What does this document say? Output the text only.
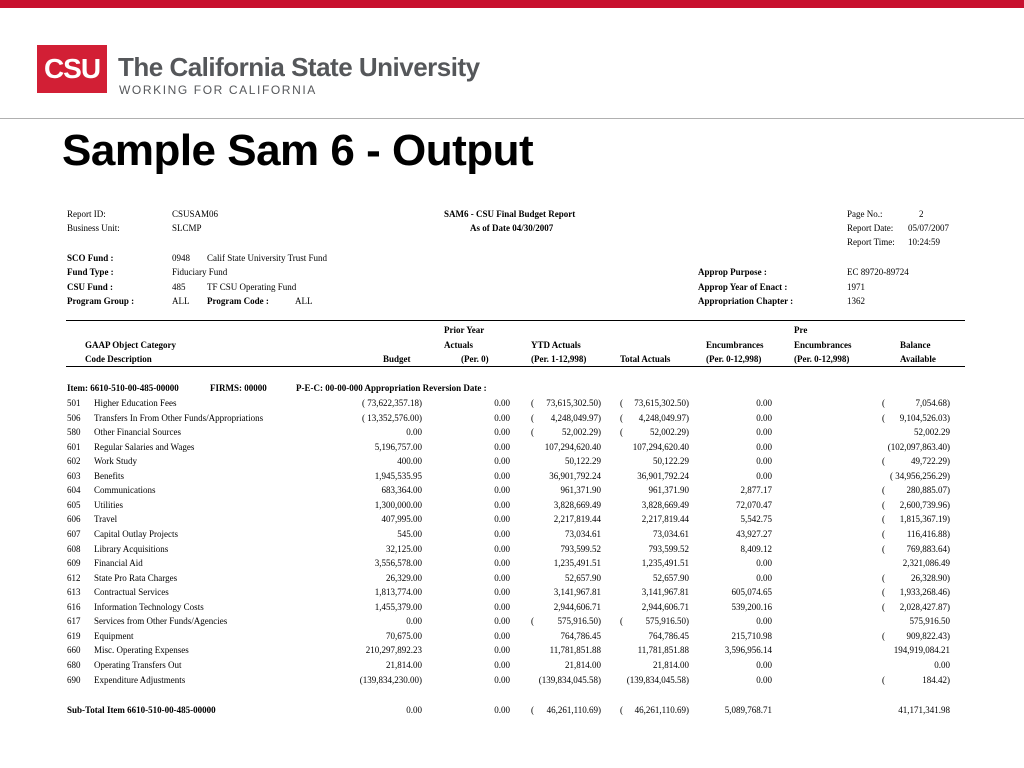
CSU The California State University
WORKING FOR CALIFORNIA
Sample Sam 6 - Output
Report ID:	CSUSAM06
Business Unit:	SLCMP
SAM6 - CSU Final Budget Report
As of Date 04/30/2007
Page No.:	2
Report Date: 05/07/2007
Report Time: 10:24:59
SCO Fund :	0948 Calif State University Trust Fund
Fund Type :	Fiduciary Fund
CSU Fund :	485 TF CSU Operating Fund
Program Group :	ALL Program Code :	ALL
Approp Purpose :	EC 89720-89724
Approp Year of Enact :	1971
Appropriation Chapter :	1362
Prior Year	Pre
GAAP Object Category	Actuals	YTD Actuals	Encumbrances	Encumbrances	Balance
Code Description	Budget	(Per. 0)	(Per. 1-12,998)	Total Actuals	(Per. 0-12,998)	(Per. 0-12,998)	Available
Item: 6610-510-00-485-00000	FIRMS: 00000	P-E-C: 00-00-000 Appropriation Reversion Date :
501 Higher Education Fees	( 73,622,357.18)	0.00 (	73,615,302.50) (	73,615,302.50)	0.00	(	7,054.68)
506 Transfers In From Other Funds/Appropriations	( 13,352,576.00)	0.00 (	4,248,049.97) (	4,248,049.97)	0.00	(	9,104,526.03)
580 Other Financial Sources	0.00	0.00 (	52,002.29) (	52,002.29)	0.00	52,002.29
601 Regular Salaries and Wages	5,196,757.00	0.00	107,294,620.40	107,294,620.40	0.00	(102,097,863.40)
602 Work Study	400.00	0.00	50,122.29	50,122.29	0.00	(	49,722.29)
603 Benefits	1,945,535.95	0.00	36,901,792.24	36,901,792.24	0.00	( 34,956,256.29)
604 Communications	683,364.00	0.00	961,371.90	961,371.90	2,877.17	(	280,885.07)
605 Utilities	1,300,000.00	0.00	3,828,669.49	3,828,669.49	72,070.47	(	2,600,739.96)
606 Travel	407,995.00	0.00	2,217,819.44	2,217,819.44	5,542.75	(	1,815,367.19)
607 Capital Outlay Projects	545.00	0.00	73,034.61	73,034.61	43,927.27	(	116,416.88)
608 Library Acquisitions	32,125.00	0.00	793,599.52	793,599.52	8,409.12	(	769,883.64)
609 Financial Aid	3,556,578.00	0.00	1,235,491.51	1,235,491.51	0.00	2,321,086.49
612 State Pro Rata Charges	26,329.00	0.00	52,657.90	52,657.90	0.00	(	26,328.90)
613 Contractual Services	1,813,774.00	0.00	3,141,967.81	3,141,967.81	605,074.65	(	1,933,268.46)
616 Information Technology Costs	1,455,379.00	0.00	2,944,606.71	2,944,606.71	539,200.16	(	2,028,427.87)
617 Services from Other Funds/Agencies	0.00	0.00 (	575,916.50) (	575,916.50)	0.00	575,916.50
619 Equipment	70,675.00	0.00	764,786.45	764,786.45	215,710.98	(	909,822.43)
660 Misc. Operating Expenses	210,297,892.23	0.00	11,781,851.88	11,781,851.88	3,596,956.14	194,919,084.21
680 Operating Transfers Out	21,814.00	0.00	21,814.00	21,814.00	0.00	0.00
690 Expenditure Adjustments	(139,834,230.00)	0.00	(139,834,045.58)	(139,834,045.58)	0.00	(	184.42)
Sub-Total Item 6610-510-00-485-00000	0.00	0.00 (	46,261,110.69) (	46,261,110.69)	5,089,768.71	41,171,341.98
